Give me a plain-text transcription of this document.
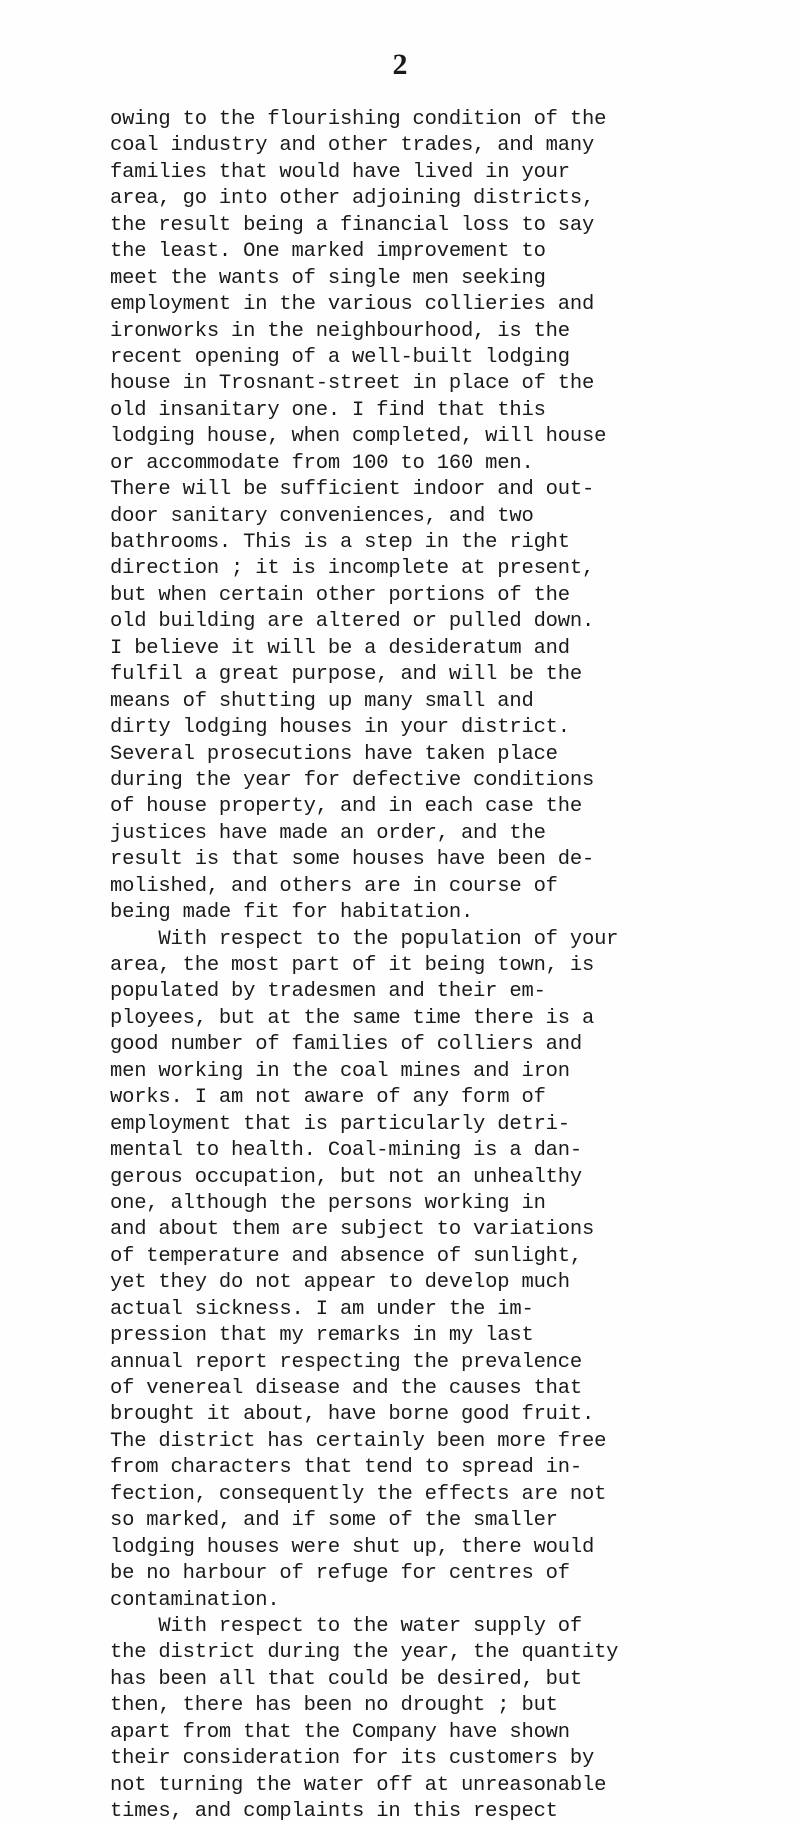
2
owing to the flourishing condition of the
coal industry and other trades, and many
families that would have lived in your
area, go into other adjoining districts,
the result being a financial loss to say
the least. One marked improvement to
meet the wants of single men seeking
employment in the various collieries and
ironworks in the neighbourhood, is the
recent opening of a well-built lodging
house in Trosnant-street in place of the
old insanitary one. I find that this
lodging house, when completed, will house
or accommodate from 100 to 160 men.
There will be sufficient indoor and out-
door sanitary conveniences, and two
bathrooms. This is a step in the right
direction ; it is incomplete at present,
but when certain other portions of the
old building are altered or pulled down.
I believe it will be a desideratum and
fulfil a great purpose, and will be the
means of shutting up many small and
dirty lodging houses in your district.
Several prosecutions have taken place
during the year for defective conditions
of house property, and in each case the
justices have made an order, and the
result is that some houses have been de-
molished, and others are in course of
being made fit for habitation.
With respect to the population of your
area, the most part of it being town, is
populated by tradesmen and their em-
ployees, but at the same time there is a
good number of families of colliers and
men working in the coal mines and iron
works. I am not aware of any form of
employment that is particularly detri-
mental to health. Coal-mining is a dan-
gerous occupation, but not an unhealthy
one, although the persons working in
and about them are subject to variations
of temperature and absence of sunlight,
yet they do not appear to develop much
actual sickness. I am under the im-
pression that my remarks in my last
annual report respecting the prevalence
of venereal disease and the causes that
brought it about, have borne good fruit.
The district has certainly been more free
from characters that tend to spread in-
fection, consequently the effects are not
so marked, and if some of the smaller
lodging houses were shut up, there would
be no harbour of refuge for centres of
contamination.
With respect to the water supply of
the district during the year, the quantity
has been all that could be desired, but
then, there has been no drought ; but
apart from that the Company have shown
their consideration for its customers by
not turning the water off at unreasonable
times, and complaints in this respect
